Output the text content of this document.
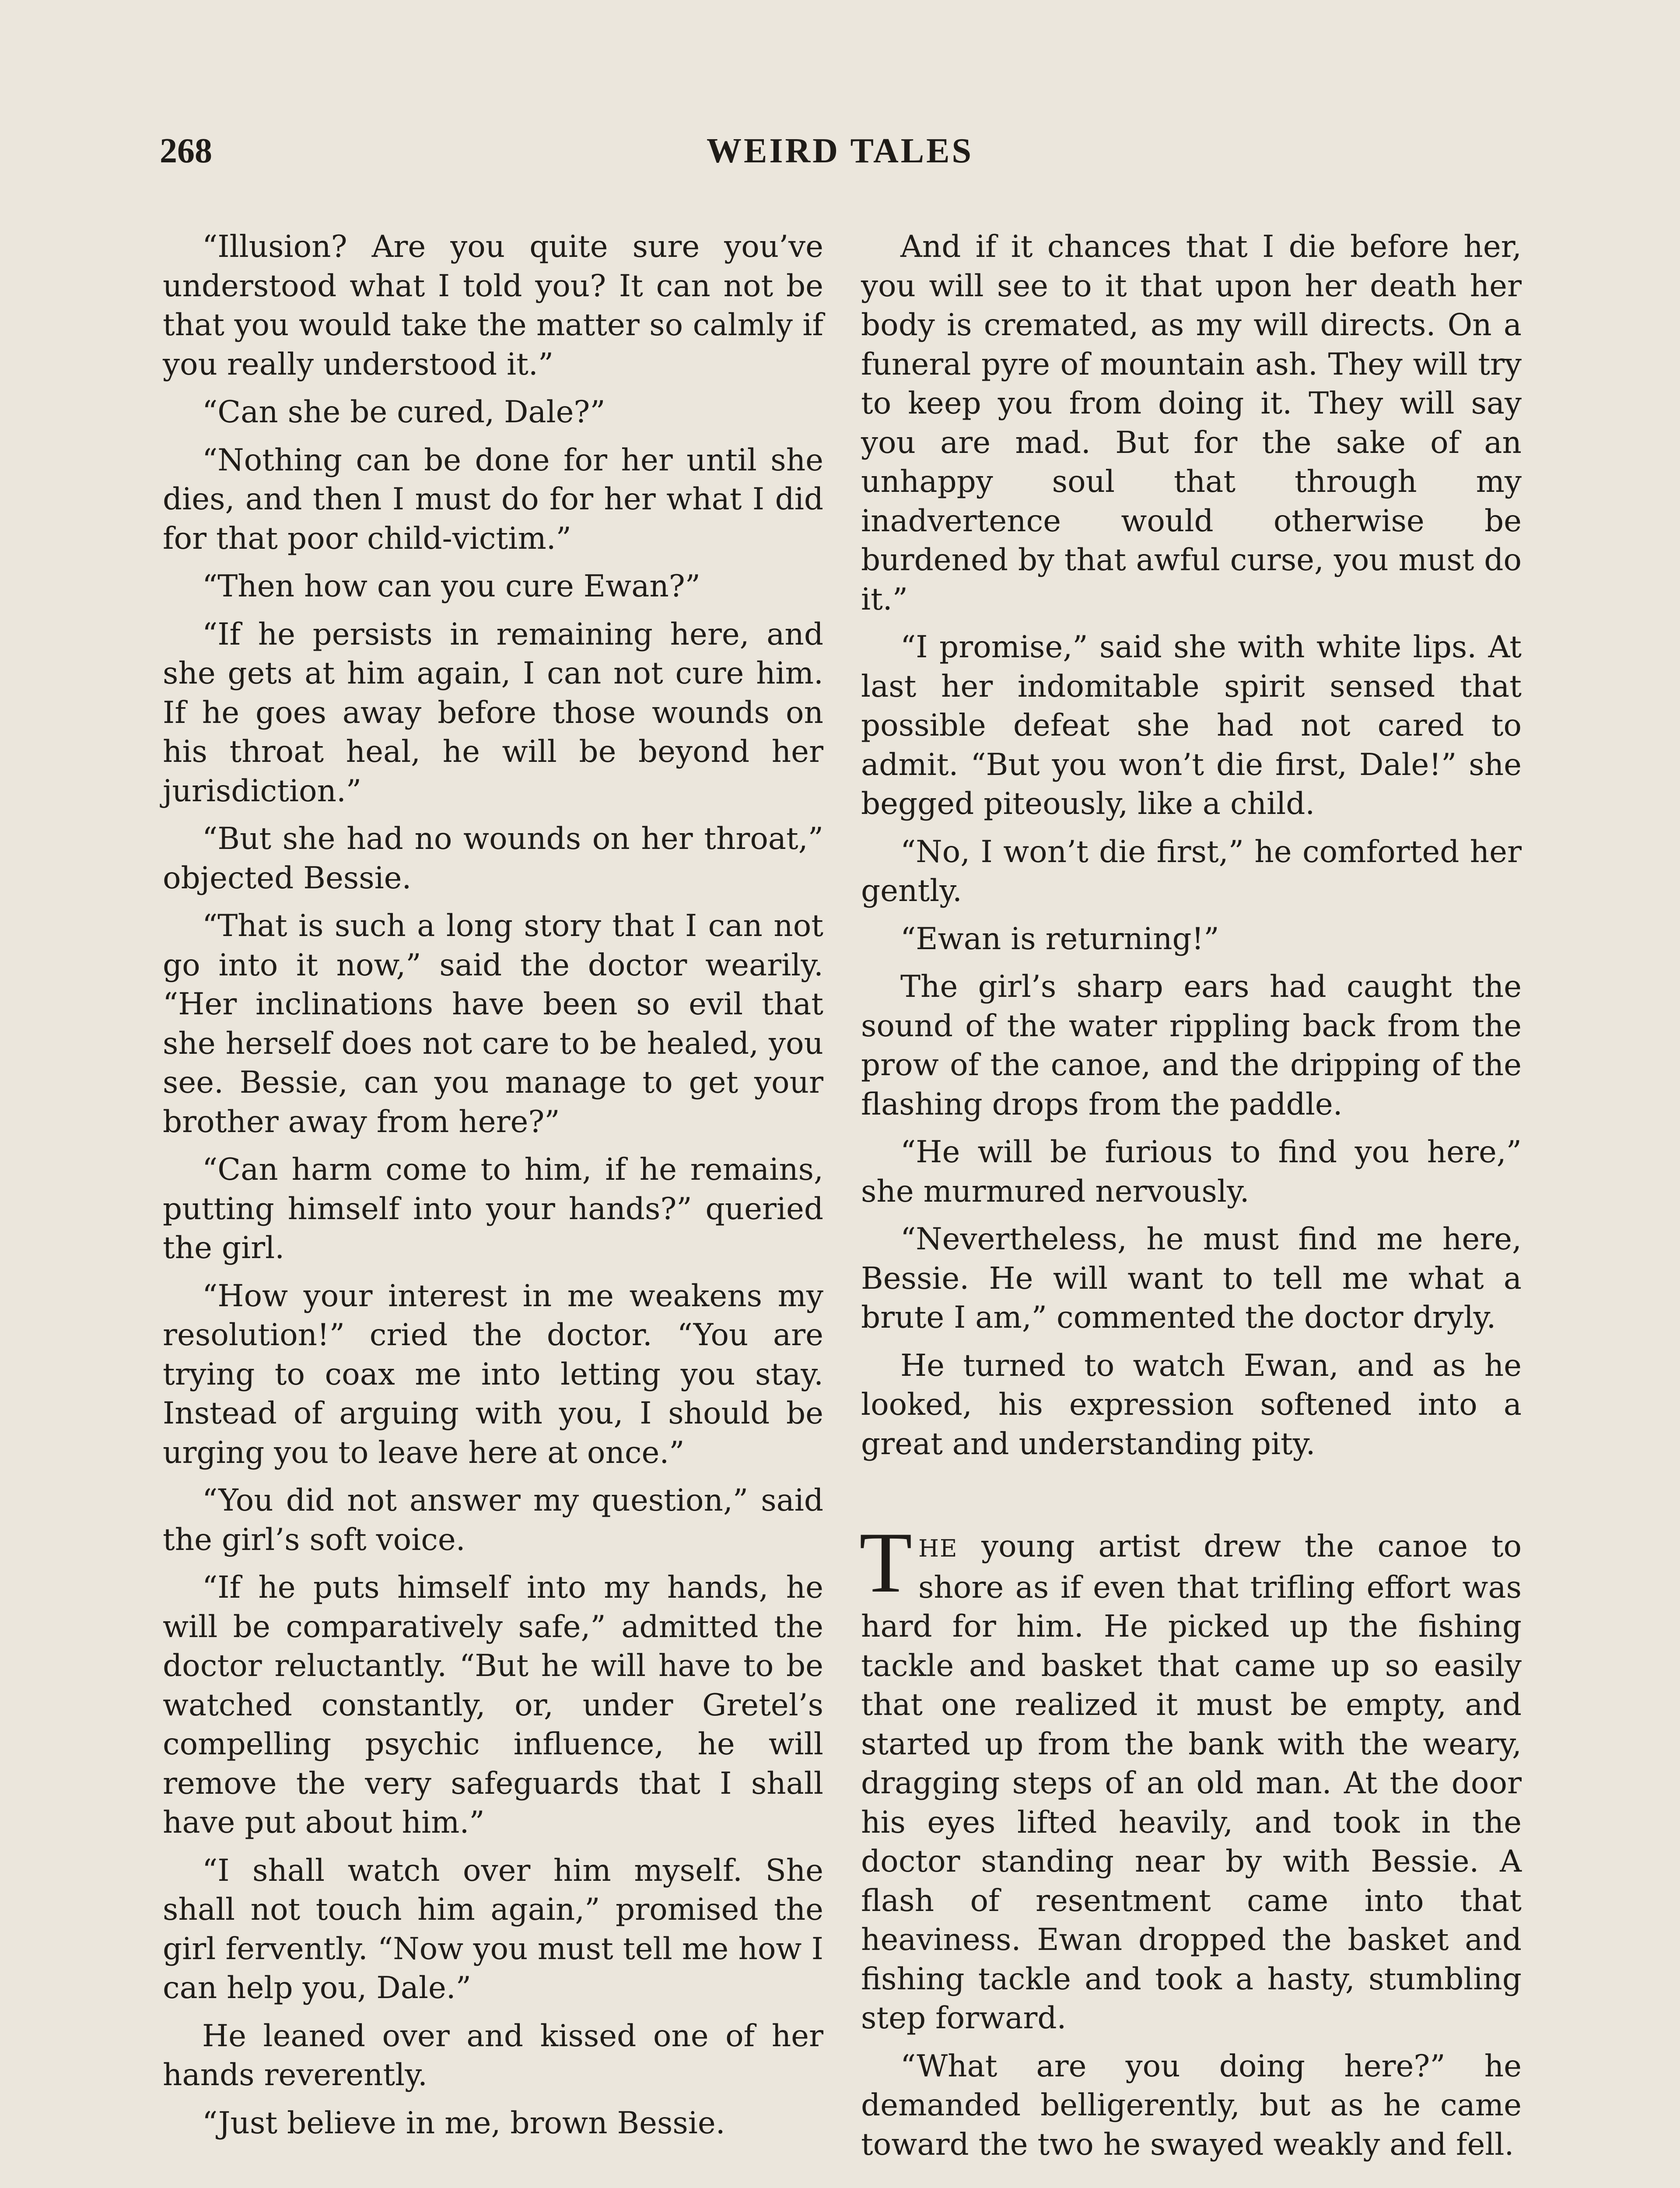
268	WEIRD TALES

“Illusion? Are you quite sure you’ve understood what I told you? It can not be that you would take the matter so calmly if you really understood it.”

“Can she be cured, Dale?”

“Nothing can be done for her until she dies, and then I must do for her what I did for that poor child-victim.”

“Then how can you cure Ewan?”

“If he persists in remaining here, and she gets at him again, I can not cure him. If he goes away before those wounds on his throat heal, he will be beyond her jurisdiction.”

“But she had no wounds on her throat,” objected Bessie.

“That is such a long story that I can not go into it now,” said the doctor wearily. “Her inclinations have been so evil that she herself does not care to be healed, you see. Bessie, can you manage to get your brother away from here?”

“Can harm come to him, if he remains, putting himself into your hands?” queried the girl.

“How your interest in me weakens my resolution!” cried the doctor. “You are trying to coax me into letting you stay. Instead of arguing with you, I should be urging you to leave here at once.”

“You did not answer my question,” said the girl’s soft voice.

“If he puts himself into my hands, he will be comparatively safe,” admitted the doctor reluctantly. “But he will have to be watched constantly, or, under Gretel’s compelling psychic influence, he will remove the very safeguards that I shall have put about him.”

“I shall watch over him myself. She shall not touch him again,” promised the girl fervently. “Now you must tell me how I can help you, Dale.”

He leaned over and kissed one of her hands reverently.

“Just believe in me, brown Bessie.

And if it chances that I die before her, you will see to it that upon her death her body is cremated, as my will directs. On a funeral pyre of mountain ash. They will try to keep you from doing it. They will say you are mad. But for the sake of an unhappy soul that through my inadvertence would otherwise be burdened by that awful curse, you must do it.”

“I promise,” said she with white lips. At last her indomitable spirit sensed that possible defeat she had not cared to admit. “But you won’t die first, Dale!” she begged piteously, like a child.

“No, I won’t die first,” he comforted her gently.

“Ewan is returning!”

The girl’s sharp ears had caught the sound of the water rippling back from the prow of the canoe, and the dripping of the flashing drops from the paddle.

“He will be furious to find you here,” she murmured nervously.

“Nevertheless, he must find me here, Bessie. He will want to tell me what a brute I am,” commented the doctor dryly.

He turned to watch Ewan, and as he looked, his expression softened into a great and understanding pity.

THE young artist drew the canoe to shore as if even that trifling effort was hard for him. He picked up the fishing tackle and basket that came up so easily that one realized it must be empty, and started up from the bank with the weary, dragging steps of an old man. At the door his eyes lifted heavily, and took in the doctor standing near by with Bessie. A flash of resentment came into that heaviness. Ewan dropped the basket and fishing tackle and took a hasty, stumbling step forward.

“What are you doing here?” he demanded belligerently, but as he came toward the two he swayed weakly and fell.
